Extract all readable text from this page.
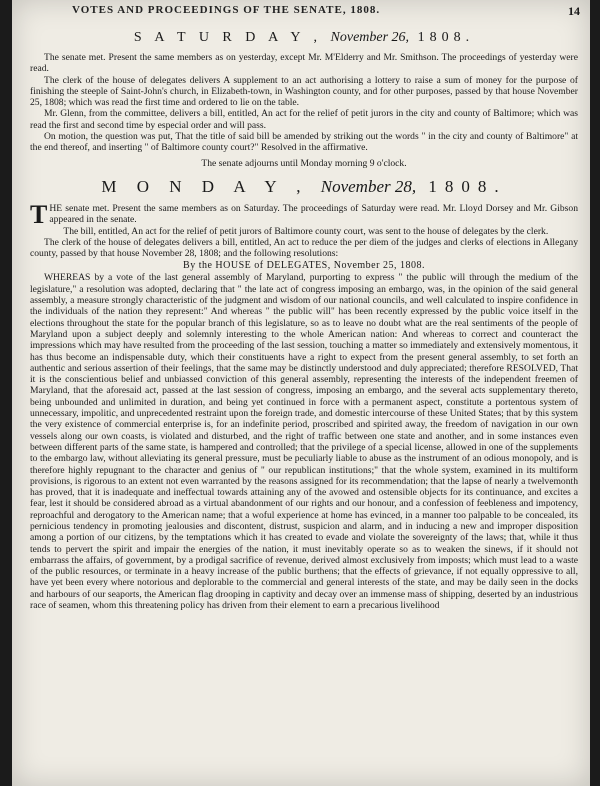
VOTES AND PROCEEDINGS OF THE SENATE, 1808.	14
S A T U R D A Y , November 26, 1808.

The senate met. Present the same members as on yesterday, except Mr. M'Elderry and Mr. Smithson. The proceedings of yesterday were read.

The clerk of the house of delegates delivers A supplement to an act authorising a lottery to raise a sum of money for the purpose of finishing the steeple of Saint-John's church, in Elizabeth-town, in Washington county, and for other purposes, passed by that house November 25, 1808; which was read the first time and ordered to lie on the table.

Mr. Glenn, from the committee, delivers a bill, entitled, An act for the relief of petit jurors in the city and county of Baltimore; which was read the first and second time by especial order and will pass.

On motion, the question was put, That the title of said bill be amended by striking out the words " in the city and county of Baltimore" at the end thereof, and inserting " of Baltimore county court?" Resolved in the affirmative.

The senate adjourns until Monday morning 9 o'clock.

M O N D A Y , November 28, 1808.

THE senate met. Present the same members as on Saturday. The proceedings of Saturday were read. Mr. Lloyd Dorsey and Mr. Gibson appeared in the senate.

The bill, entitled, An act for the relief of petit jurors of Baltimore county court, was sent to the house of delegates by the clerk.

The clerk of the house of delegates delivers a bill, entitled, An act to reduce the per diem of the judges and clerks of elections in Allegany county, passed by that house November 28, 1808; and the following resolutions:

By the HOUSE of DELEGATES, November 25, 1808.

WHEREAS by a vote of the last general assembly of Maryland, purporting to express " the public will through the medium of the legislature," a resolution was adopted, declaring that " the late act of congress imposing an embargo, was, in the opinion of the said general assembly, a measure strongly characteristic of the judgment and wisdom of our national councils, and well calculated to inspire confidence in the individuals of the nation they represent:" And whereas " the public will" has been recently expressed by the public voice itself in the elections throughout the state for the popular branch of this legislature, so as to leave no doubt what are the real sentiments of the people of Maryland upon a subject deeply and solemnly interesting to the whole American nation: And whereas to correct and counteract the impressions which may have resulted from the proceeding of the last session, touching a matter so immediately and extensively momentous, it has thus become an indispensable duty, which their constituents have a right to expect from the present general assembly, to set forth an authentic and serious assertion of their feelings, that the same may be distinctly understood and duly appreciated; therefore RESOLVED, That it is the conscientious belief and unbiassed conviction of this general assembly, representing the interests of the independent freemen of Maryland, that the aforesaid act, passed at the last session of congress, imposing an embargo, and the several acts supplementary thereto, being unbounded and unlimited in duration, and being yet continued in force with a permanent aspect, constitute a portentous system of unnecessary, impolitic, and unprecedented restraint upon the foreign trade, and domestic intercourse of these United States; that by this system the very existence of commercial enterprise is, for an indefinite period, proscribed and spirited away, the freedom of navigation in our own vessels along our own coasts, is violated and disturbed, and the right of traffic between one state and another, and in some instances even between different parts of the same state, is hampered and controlled; that the privilege of a special license, allowed in one of the supplements to the embargo law, without alleviating its general pressure, must be peculiarly liable to abuse as the instrument of an odious monopoly, and is therefore highly repugnant to the character and genius of " our republican institutions;" that the whole system, examined in its multiform provisions, is rigorous to an extent not even warranted by the reasons assigned for its recommendation; that the lapse of nearly a twelvemonth has proved, that it is inadequate and ineffectual towards attaining any of the avowed and ostensible objects for its continuance, and excites a fear, lest it should be considered abroad as a virtual abandonment of our rights and our honour, and a confession of feebleness and impotency, reproachful and derogatory to the American name; that a woful experience at home has evinced, in a manner too palpable to be concealed, its pernicious tendency in promoting jealousies and discontent, distrust, suspicion and alarm, and in inducing a new and improper disposition among a portion of our citizens, by the temptations which it has created to evade and violate the sovereignty of the laws; that, while it thus tends to pervert the spirit and impair the energies of the nation, it must inevitably operate so as to weaken the sinews, if it should not embarrass the affairs, of government, by a prodigal sacrifice of revenue, derived almost exclusively from imposts; which must lead to a waste of the public resources, or terminate in a heavy increase of the public burthens; that the effects of grievance, if not equally oppressive to all, have yet been every where notorious and deplorable to the commercial and general interests of the state, and may be daily seen in the docks and harbours of our seaports, the American flag drooping in captivity and decay over an immense mass of shipping, deserted by an industrious race of seamen, whom this threatening policy has driven from their element to earn a precarious livelihood
